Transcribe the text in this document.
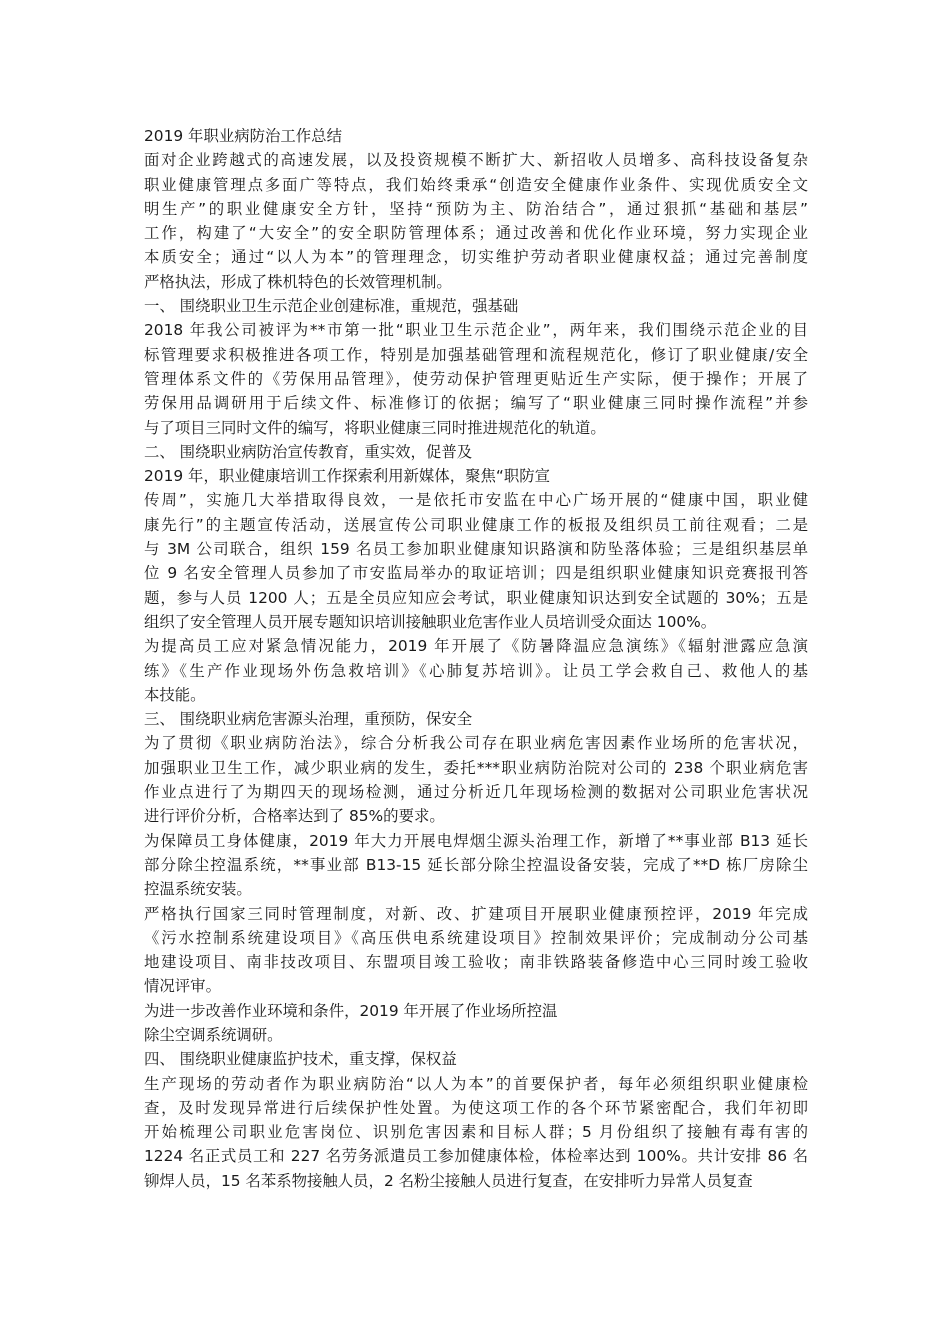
2019 年职业病防治工作总结
面对企业跨越式的高速发展，以及投资规模不断扩大、新招收人员增多、高科技设备复杂
职业健康管理点多面广等特点，我们始终秉承“创造安全健康作业条件、实现优质安全文
明生产”的职业健康安全方针，坚持“预防为主、防治结合”，通过狠抓“基础和基层”
工作，构建了“大安全”的安全职防管理体系；通过改善和优化作业环境，努力实现企业
本质安全；通过“以人为本”的管理理念，切实维护劳动者职业健康权益；通过完善制度
严格执法，形成了株机特色的长效管理机制。
一、 围绕职业卫生示范企业创建标准，重规范，强基础
2018 年我公司被评为**市第一批“职业卫生示范企业”，两年来，我们围绕示范企业的目
标管理要求积极推进各项工作，特别是加强基础管理和流程规范化，修订了职业健康/安全
管理体系文件的《劳保用品管理》，使劳动保护管理更贴近生产实际，便于操作；开展了
劳保用品调研用于后续文件、标准修订的依据；编写了“职业健康三同时操作流程”并参
与了项目三同时文件的编写，将职业健康三同时推进规范化的轨道。
二、 围绕职业病防治宣传教育，重实效，促普及
2019 年，职业健康培训工作探索利用新媒体，聚焦“职防宣
传周”，实施几大举措取得良效，一是依托市安监在中心广场开展的“健康中国，职业健
康先行”的主题宣传活动，送展宣传公司职业健康工作的板报及组织员工前往观看；二是
与 3M 公司联合，组织 159 名员工参加职业健康知识路演和防坠落体验；三是组织基层单
位 9 名安全管理人员参加了市安监局举办的取证培训；四是组织职业健康知识竞赛报刊答
题，参与人员 1200 人；五是全员应知应会考试，职业健康知识达到安全试题的 30%；五是
组织了安全管理人员开展专题知识培训接触职业危害作业人员培训受众面达 100%。
为提高员工应对紧急情况能力，2019 年开展了《防暑降温应急演练》《辐射泄露应急演
练》《生产作业现场外伤急救培训》《心肺复苏培训》。让员工学会救自己、救他人的基
本技能。
三、 围绕职业病危害源头治理，重预防，保安全
为了贯彻《职业病防治法》，综合分析我公司存在职业病危害因素作业场所的危害状况，
加强职业卫生工作，减少职业病的发生，委托***职业病防治院对公司的 238 个职业病危害
作业点进行了为期四天的现场检测，通过分析近几年现场检测的数据对公司职业危害状况
进行评价分析，合格率达到了 85%的要求。
为保障员工身体健康，2019 年大力开展电焊烟尘源头治理工作，新增了**事业部 B13 延长
部分除尘控温系统，**事业部 B13-15 延长部分除尘控温设备安装，完成了**D 栋厂房除尘
控温系统安装。
严格执行国家三同时管理制度，对新、改、扩建项目开展职业健康预控评，2019 年完成
《污水控制系统建设项目》《高压供电系统建设项目》控制效果评价；完成制动分公司基
地建设项目、南非技改项目、东盟项目竣工验收；南非铁路装备修造中心三同时竣工验收
情况评审。
为进一步改善作业环境和条件，2019 年开展了作业场所控温
除尘空调系统调研。
四、 围绕职业健康监护技术，重支撑，保权益
生产现场的劳动者作为职业病防治“以人为本”的首要保护者，每年必须组织职业健康检
查，及时发现异常进行后续保护性处置。为使这项工作的各个环节紧密配合，我们年初即
开始梳理公司职业危害岗位、识别危害因素和目标人群；5 月份组织了接触有毒有害的
1224 名正式员工和 227 名劳务派遣员工参加健康体检，体检率达到 100%。共计安排 86 名
铆焊人员，15 名苯系物接触人员，2 名粉尘接触人员进行复查，在安排听力异常人员复查
